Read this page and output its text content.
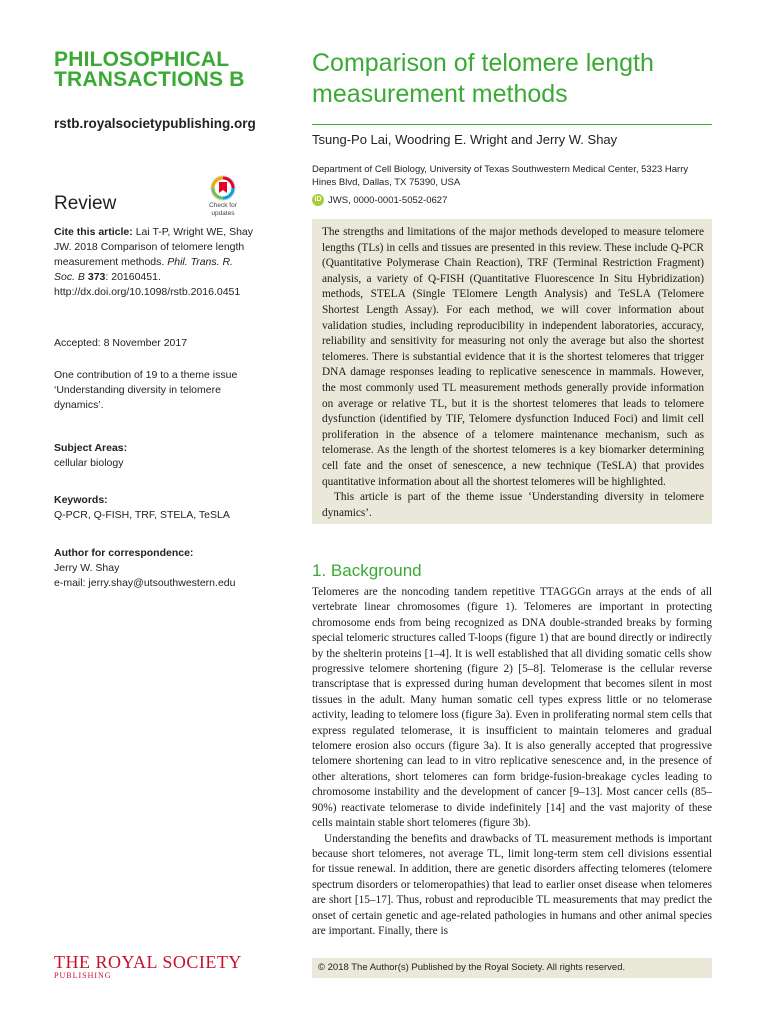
PHILOSOPHICAL
TRANSACTIONS B
rstb.royalsocietypublishing.org
Review	Check for
updates
Cite this article: Lai T-P, Wright WE, Shay JW. 2018 Comparison of telomere length measurement methods. Phil. Trans. R. Soc. B 373: 20160451.
http://dx.doi.org/10.1098/rstb.2016.0451
Accepted: 8 November 2017
One contribution of 19 to a theme issue ‘Understanding diversity in telomere dynamics’.
Subject Areas:
cellular biology
Keywords:
Q-PCR, Q-FISH, TRF, STELA, TeSLA
Author for correspondence:
Jerry W. Shay
e-mail: jerry.shay@utsouthwestern.edu
THE ROYAL SOCIETY
PUBLISHING
Comparison of telomere length measurement methods
Tsung-Po Lai, Woodring E. Wright and Jerry W. Shay
Department of Cell Biology, University of Texas Southwestern Medical Center, 5323 Harry Hines Blvd, Dallas, TX 75390, USA
iD JWS, 0000-0001-5052-0627

The strengths and limitations of the major methods developed to measure telomere lengths (TLs) in cells and tissues are presented in this review. These include Q-PCR (Quantitative Polymerase Chain Reaction), TRF (Terminal Restriction Fragment) analysis, a variety of Q-FISH (Quantitative Fluorescence In Situ Hybridization) methods, STELA (Single TElomere Length Analysis) and TeSLA (Telomere Shortest Length Assay). For each method, we will cover information about validation studies, including reproducibility in independent laboratories, accuracy, reliability and sensitivity for measuring not only the average but also the shortest telomeres. There is substantial evidence that it is the shortest telomeres that trigger DNA damage responses leading to replicative senescence in mammals. However, the most commonly used TL measurement methods generally provide information on average or relative TL, but it is the shortest telomeres that leads to telomere dysfunction (identified by TIF, Telomere dysfunction Induced Foci) and limit cell proliferation in the absence of a telomere maintenance mechanism, such as telomerase. As the length of the shortest telomeres is a key biomarker determining cell fate and the onset of senescence, a new technique (TeSLA) that provides quantitative information about all the shortest telomeres will be highlighted.

This article is part of the theme issue ‘Understanding diversity in telomere dynamics’.

1. Background

Telomeres are the noncoding tandem repetitive TTAGGGn arrays at the ends of all vertebrate linear chromosomes (figure 1). Telomeres are important in protecting chromosome ends from being recognized as DNA double-stranded breaks by forming special telomeric structures called T-loops (figure 1) that are bound directly or indirectly by the shelterin proteins [1–4]. It is well established that all dividing somatic cells show progressive telomere shortening (figure 2) [5–8]. Telomerase is the cellular reverse transcriptase that is expressed during human development that becomes silent in most tissues in the adult. Many human somatic cell types express little or no telomerase activity, leading to telomere loss (figure 3a). Even in proliferating normal stem cells that express regulated telomerase, it is insufficient to maintain telomeres and gradual telomere erosion also occurs (figure 3a). It is also generally accepted that progressive telomere shortening can lead to in vitro replicative senescence and, in the presence of other alterations, short telomeres can form bridge-fusion-breakage cycles leading to chromosome instability and the development of cancer [9–13]. Most cancer cells (85–90%) reactivate telomerase to divide indefinitely [14] and the vast majority of these cells maintain stable short telomeres (figure 3b).

Understanding the benefits and drawbacks of TL measurement methods is important because short telomeres, not average TL, limit long-term stem cell divisions essential for tissue renewal. In addition, there are genetic disorders affecting telomeres (telomere spectrum disorders or telomeropathies) that lead to earlier onset disease when telomeres are short [15–17]. Thus, robust and reproducible TL measurements that may predict the onset of certain genetic and age-related pathologies in humans and other animal species are important. Finally, there is

© 2018 The Author(s) Published by the Royal Society. All rights reserved.
